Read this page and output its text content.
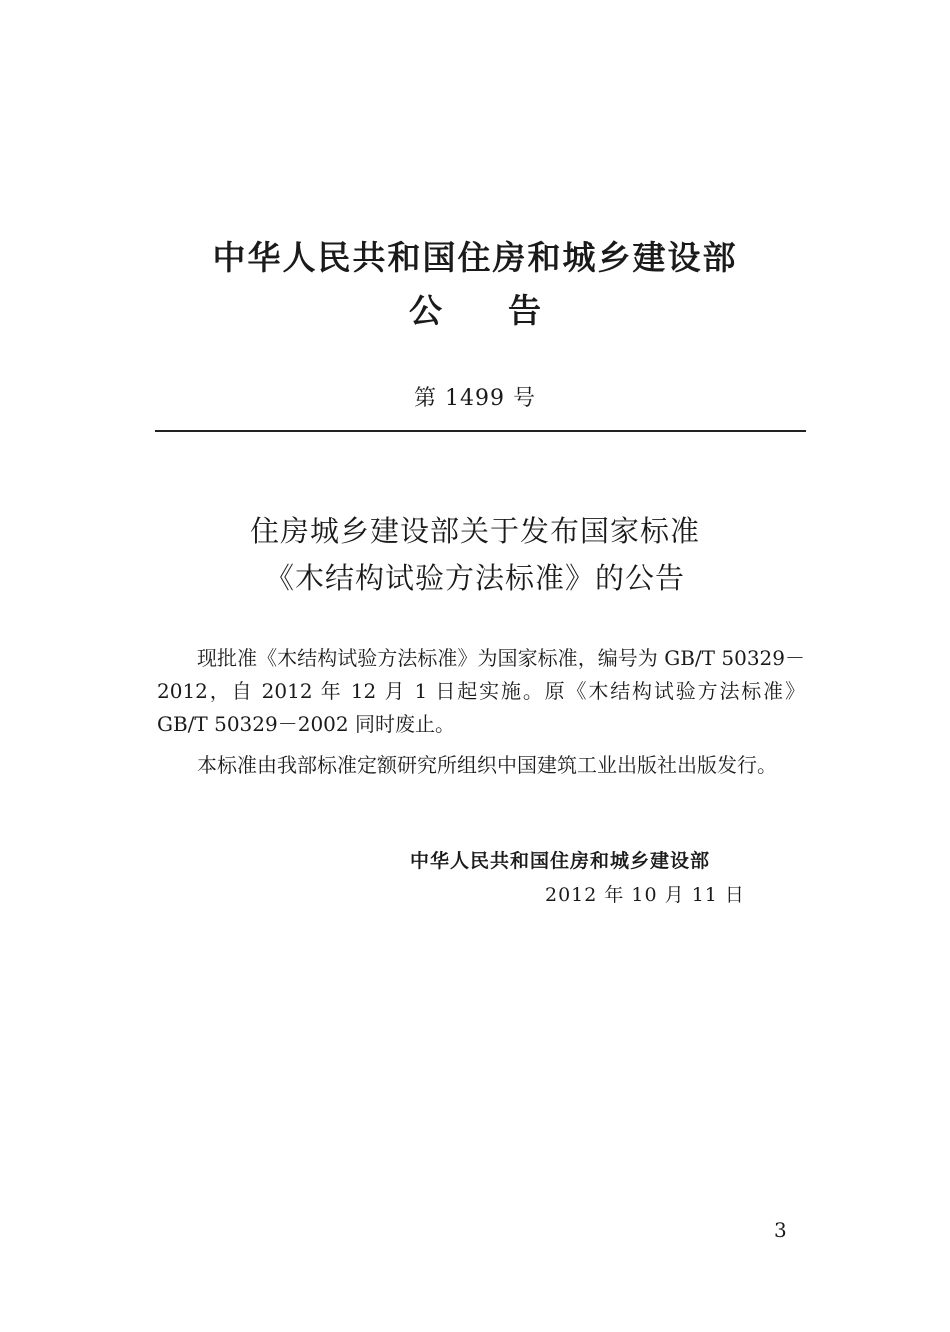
中华人民共和国住房和城乡建设部
公　　告
第 1499 号
住房城乡建设部关于发布国家标准
《木结构试验方法标准》的公告

现批准《木结构试验方法标准》为国家标准，编号为 GB/T 50329－2012，自 2012 年 12 月 1 日起实施。原《木结构试验方法标准》GB/T 50329－2002 同时废止。

本标准由我部标准定额研究所组织中国建筑工业出版社出版发行。

中华人民共和国住房和城乡建设部
2012 年 10 月 11 日
3
